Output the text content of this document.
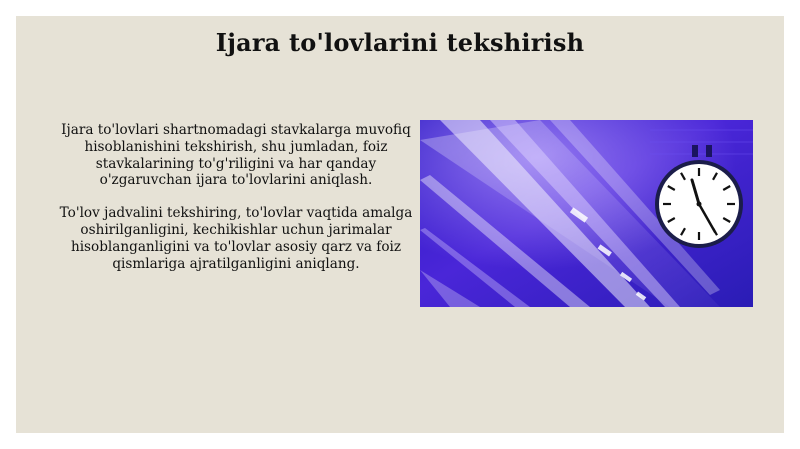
Ijara to'lovlarini tekshirish

Ijara to'lovlari shartnomadagi stavkalarga muvofiq hisoblanishini tekshirish, shu jumladan, foiz stavkalarining to'g'riligini va har qanday o'zgaruvchan ijara to'lovlarini aniqlash.

To'lov jadvalini tekshiring, to'lovlar vaqtida amalga oshirilganligini, kechikishlar uchun jarimalar hisoblanganligini va to'lovlar asosiy qarz va foiz qismlariga ajratilganligini aniqlang.
